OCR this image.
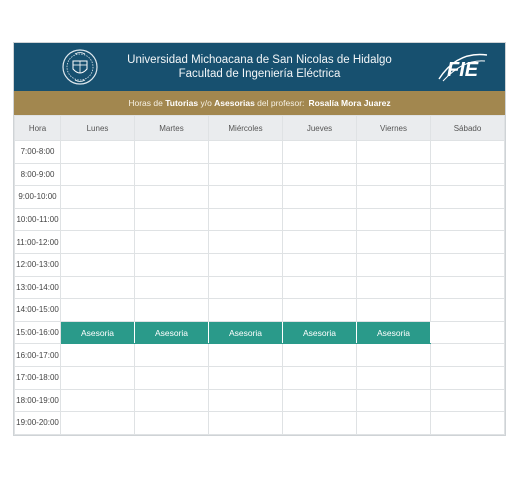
Universidad Michoacana de San Nicolas de Hidalgo
Facultad de Ingeniería Eléctrica	FIE
Horas de Tutorias y/o Asesorias del profesor: Rosalía Mora Juarez
Hora	Lunes	Martes	Miércoles	Jueves	Viernes	Sábado
7:00-8:00						
8:00-9:00						
9:00-10:00						
10:00-11:00						
11:00-12:00						
12:00-13:00						
13:00-14:00						
14:00-15:00						
15:00-16:00	Asesoria	Asesoria	Asesoria	Asesoria	Asesoria	
16:00-17:00						
17:00-18:00						
18:00-19:00						
19:00-20:00						
